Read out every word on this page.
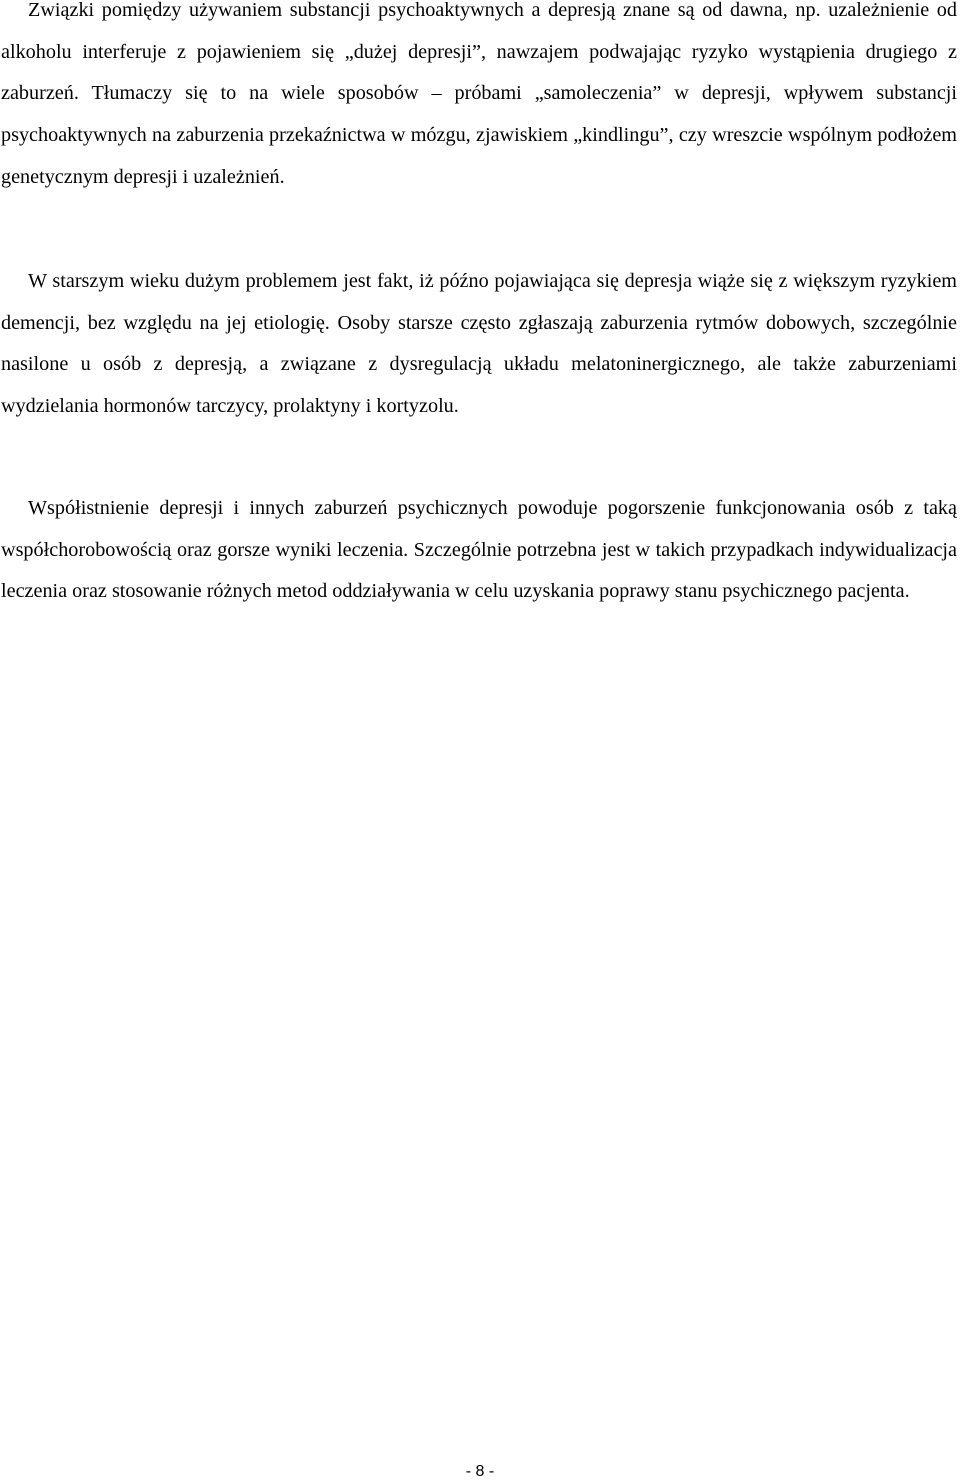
Związki pomiędzy używaniem substancji psychoaktywnych a depresją znane są od dawna, np. uzależnienie od alkoholu interferuje z pojawieniem się „dużej depresji”, nawzajem podwajając ryzyko wystąpienia drugiego z zaburzeń. Tłumaczy się to na wiele sposobów – próbami „samoleczenia” w depresji, wpływem substancji psychoaktywnych na zaburzenia przekaźnictwa w mózgu, zjawiskiem „kindlingu”, czy wreszcie wspólnym podłożem genetycznym depresji i uzależnień.

W starszym wieku dużym problemem jest fakt, iż późno pojawiająca się depresja wiąże się z większym ryzykiem demencji, bez względu na jej etiologię. Osoby starsze często zgłaszają zaburzenia rytmów dobowych, szczególnie nasilone u osób z depresją, a związane z dysregulacją układu melatoninergicznego, ale także zaburzeniami wydzielania hormonów tarczycy, prolaktyny i kortyzolu.

Współistnienie depresji i innych zaburzeń psychicznych powoduje pogorszenie funkcjonowania osób z taką współchorobowością oraz gorsze wyniki leczenia. Szczególnie potrzebna jest w takich przypadkach indywidualizacja leczenia oraz stosowanie różnych metod oddziaływania w celu uzyskania poprawy stanu psychicznego pacjenta.

- 8 -
